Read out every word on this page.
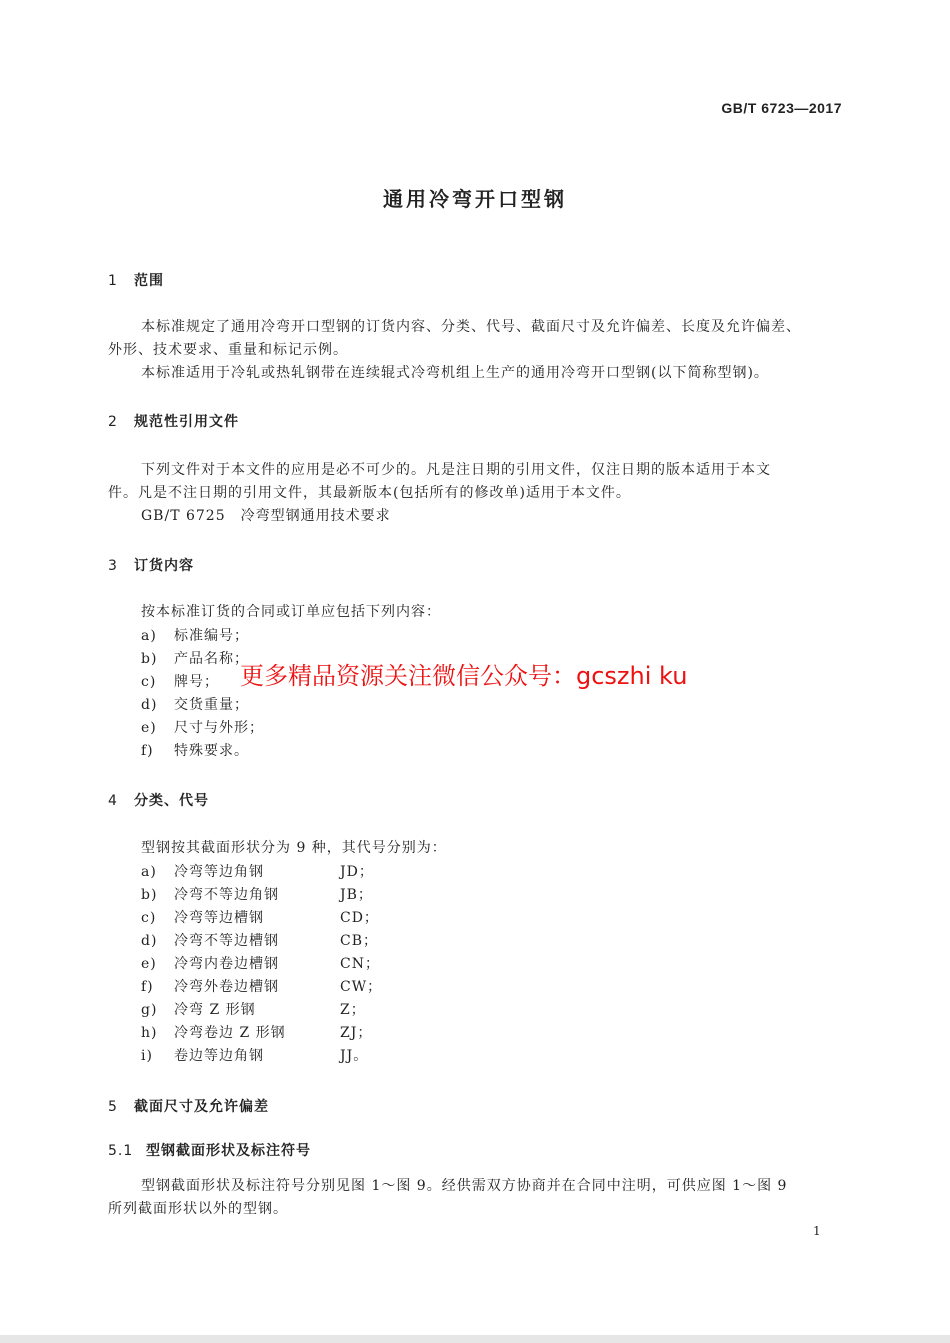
GB/T 6723—2017
通用冷弯开口型钢
1 范围
本标准规定了通用冷弯开口型钢的订货内容、分类、代号、截面尺寸及允许偏差、长度及允许偏差、
外形、技术要求、重量和标记示例。
本标准适用于冷轧或热轧钢带在连续辊式冷弯机组上生产的通用冷弯开口型钢(以下简称型钢)。
2 规范性引用文件
下列文件对于本文件的应用是必不可少的。凡是注日期的引用文件，仅注日期的版本适用于本文
件。凡是不注日期的引用文件，其最新版本(包括所有的修改单)适用于本文件。
GB/T 6725　冷弯型钢通用技术要求
3 订货内容
按本标准订货的合同或订单应包括下列内容：
a) 标准编号；
b) 产品名称；
c) 牌号；
d) 交货重量；
e) 尺寸与外形；
f) 特殊要求。
4 分类、代号
型钢按其截面形状分为 9 种，其代号分别为：
a) 冷弯等边角钢	JD；
b) 冷弯不等边角钢	JB；
c) 冷弯等边槽钢	CD；
d) 冷弯不等边槽钢	CB；
e) 冷弯内卷边槽钢	CN；
f) 冷弯外卷边槽钢	CW；
g) 冷弯 Z 形钢	Z；
h) 冷弯卷边 Z 形钢	ZJ；
i) 卷边等边角钢	JJ。
5 截面尺寸及允许偏差
5.1 型钢截面形状及标注符号
型钢截面形状及标注符号分别见图 1～图 9。经供需双方协商并在合同中注明，可供应图 1～图 9
所列截面形状以外的型钢。
更多精品资源关注微信公众号：gcszhi ku
1
